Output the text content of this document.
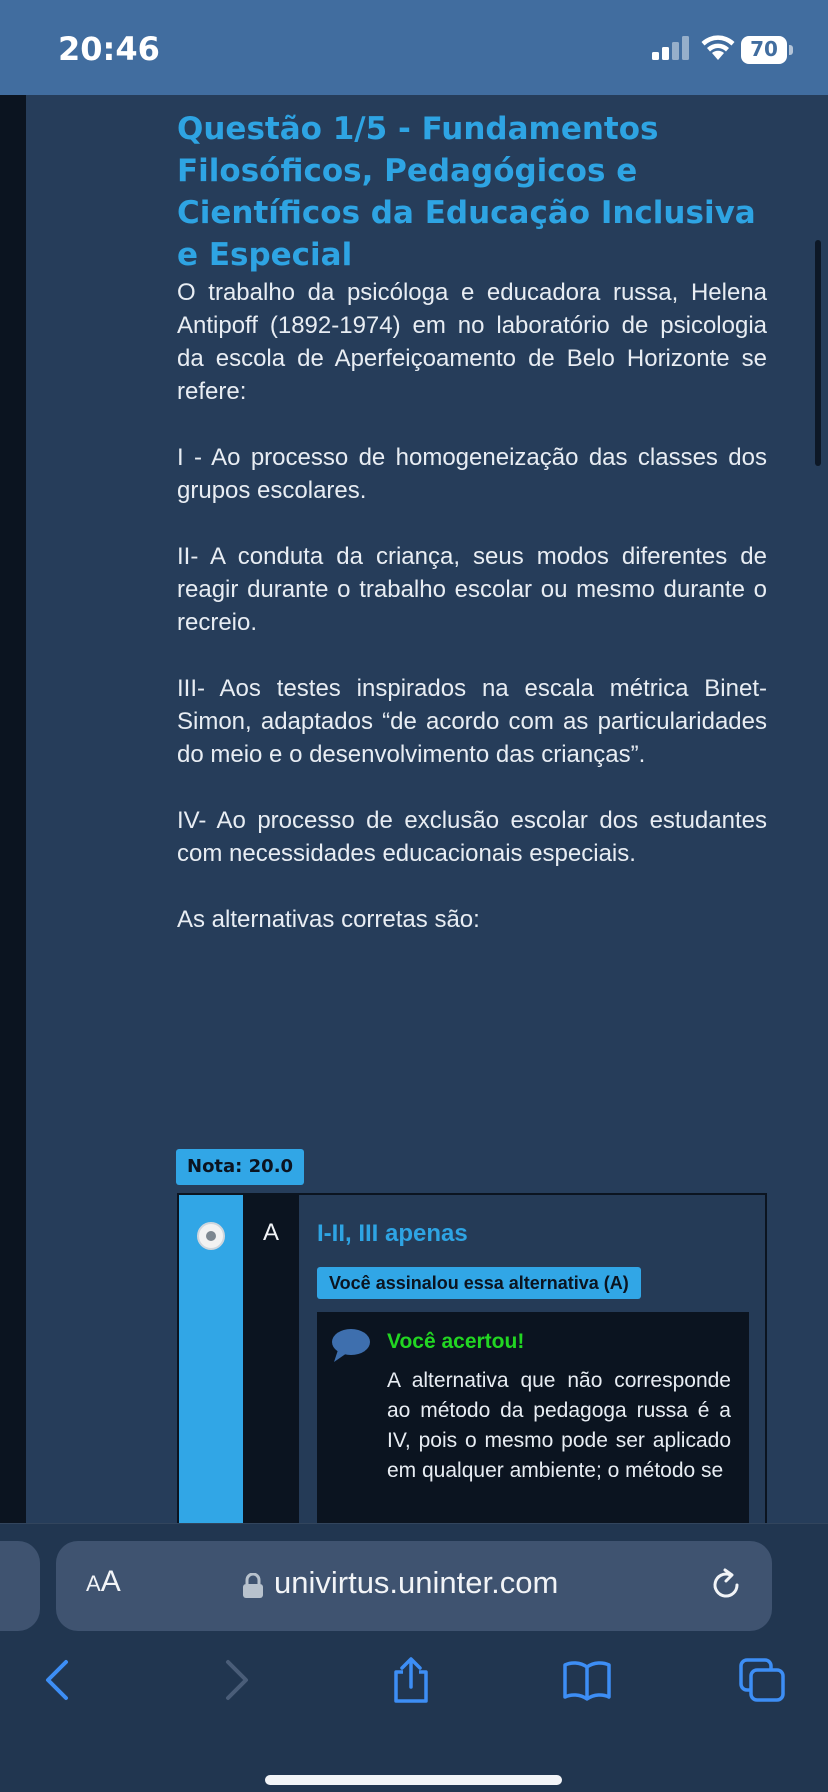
20:46	70
Questão 1/5 - Fundamentos Filosóficos, Pedagógicos e Científicos da Educação Inclusiva e Especial

O trabalho da psicóloga e educadora russa, Helena Antipoff (1892-1974) em no laboratório de psicologia da escola de Aperfeiçoamento de Belo Horizonte se refere:

I - Ao processo de homogeneização das classes dos grupos escolares.

II- A conduta da criança, seus modos diferentes de reagir durante o trabalho escolar ou mesmo durante o recreio.

III- Aos testes inspirados na escala métrica Binet-Simon, adaptados “de acordo com as particularidades do meio e o desenvolvimento das crianças”.

IV- Ao processo de exclusão escolar dos estudantes com necessidades educacionais especiais.

As alternativas corretas são:

Nota: 20.0
A	I-II, III apenas
Você assinalou essa alternativa (A)
Você acertou!
A alternativa que não corresponde ao método da pedagoga russa é a IV, pois o mesmo pode ser aplicado em qualquer ambiente; o método se
AA	univirtus.uninter.com
